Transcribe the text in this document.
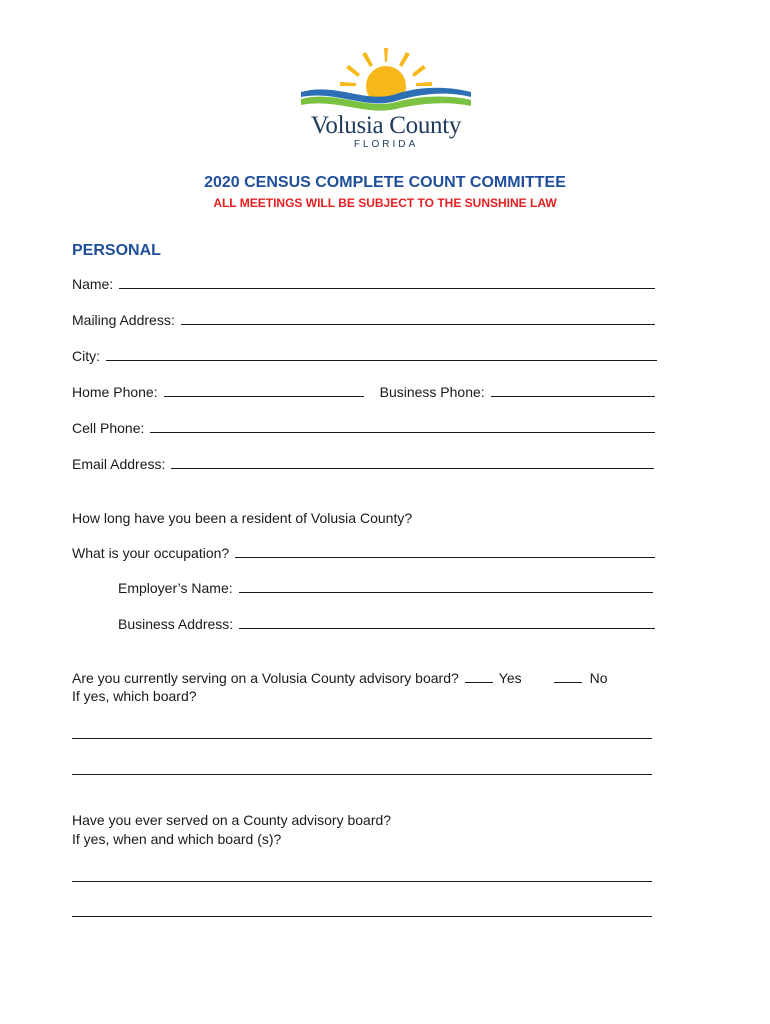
Volusia County
FLORIDA
2020 CENSUS COMPLETE COUNT COMMITTEE
ALL MEETINGS WILL BE SUBJECT TO THE SUNSHINE LAW
PERSONAL
Name:
Mailing Address:
City:
Home Phone:	Business Phone:
Cell Phone:
Email Address:
How long have you been a resident of Volusia County?
What is your occupation?
Employer’s Name:
Business Address:
Are you currently serving on a Volusia County advisory board?	Yes	No
If yes, which board?
Have you ever served on a County advisory board?
If yes, when and which board (s)?
